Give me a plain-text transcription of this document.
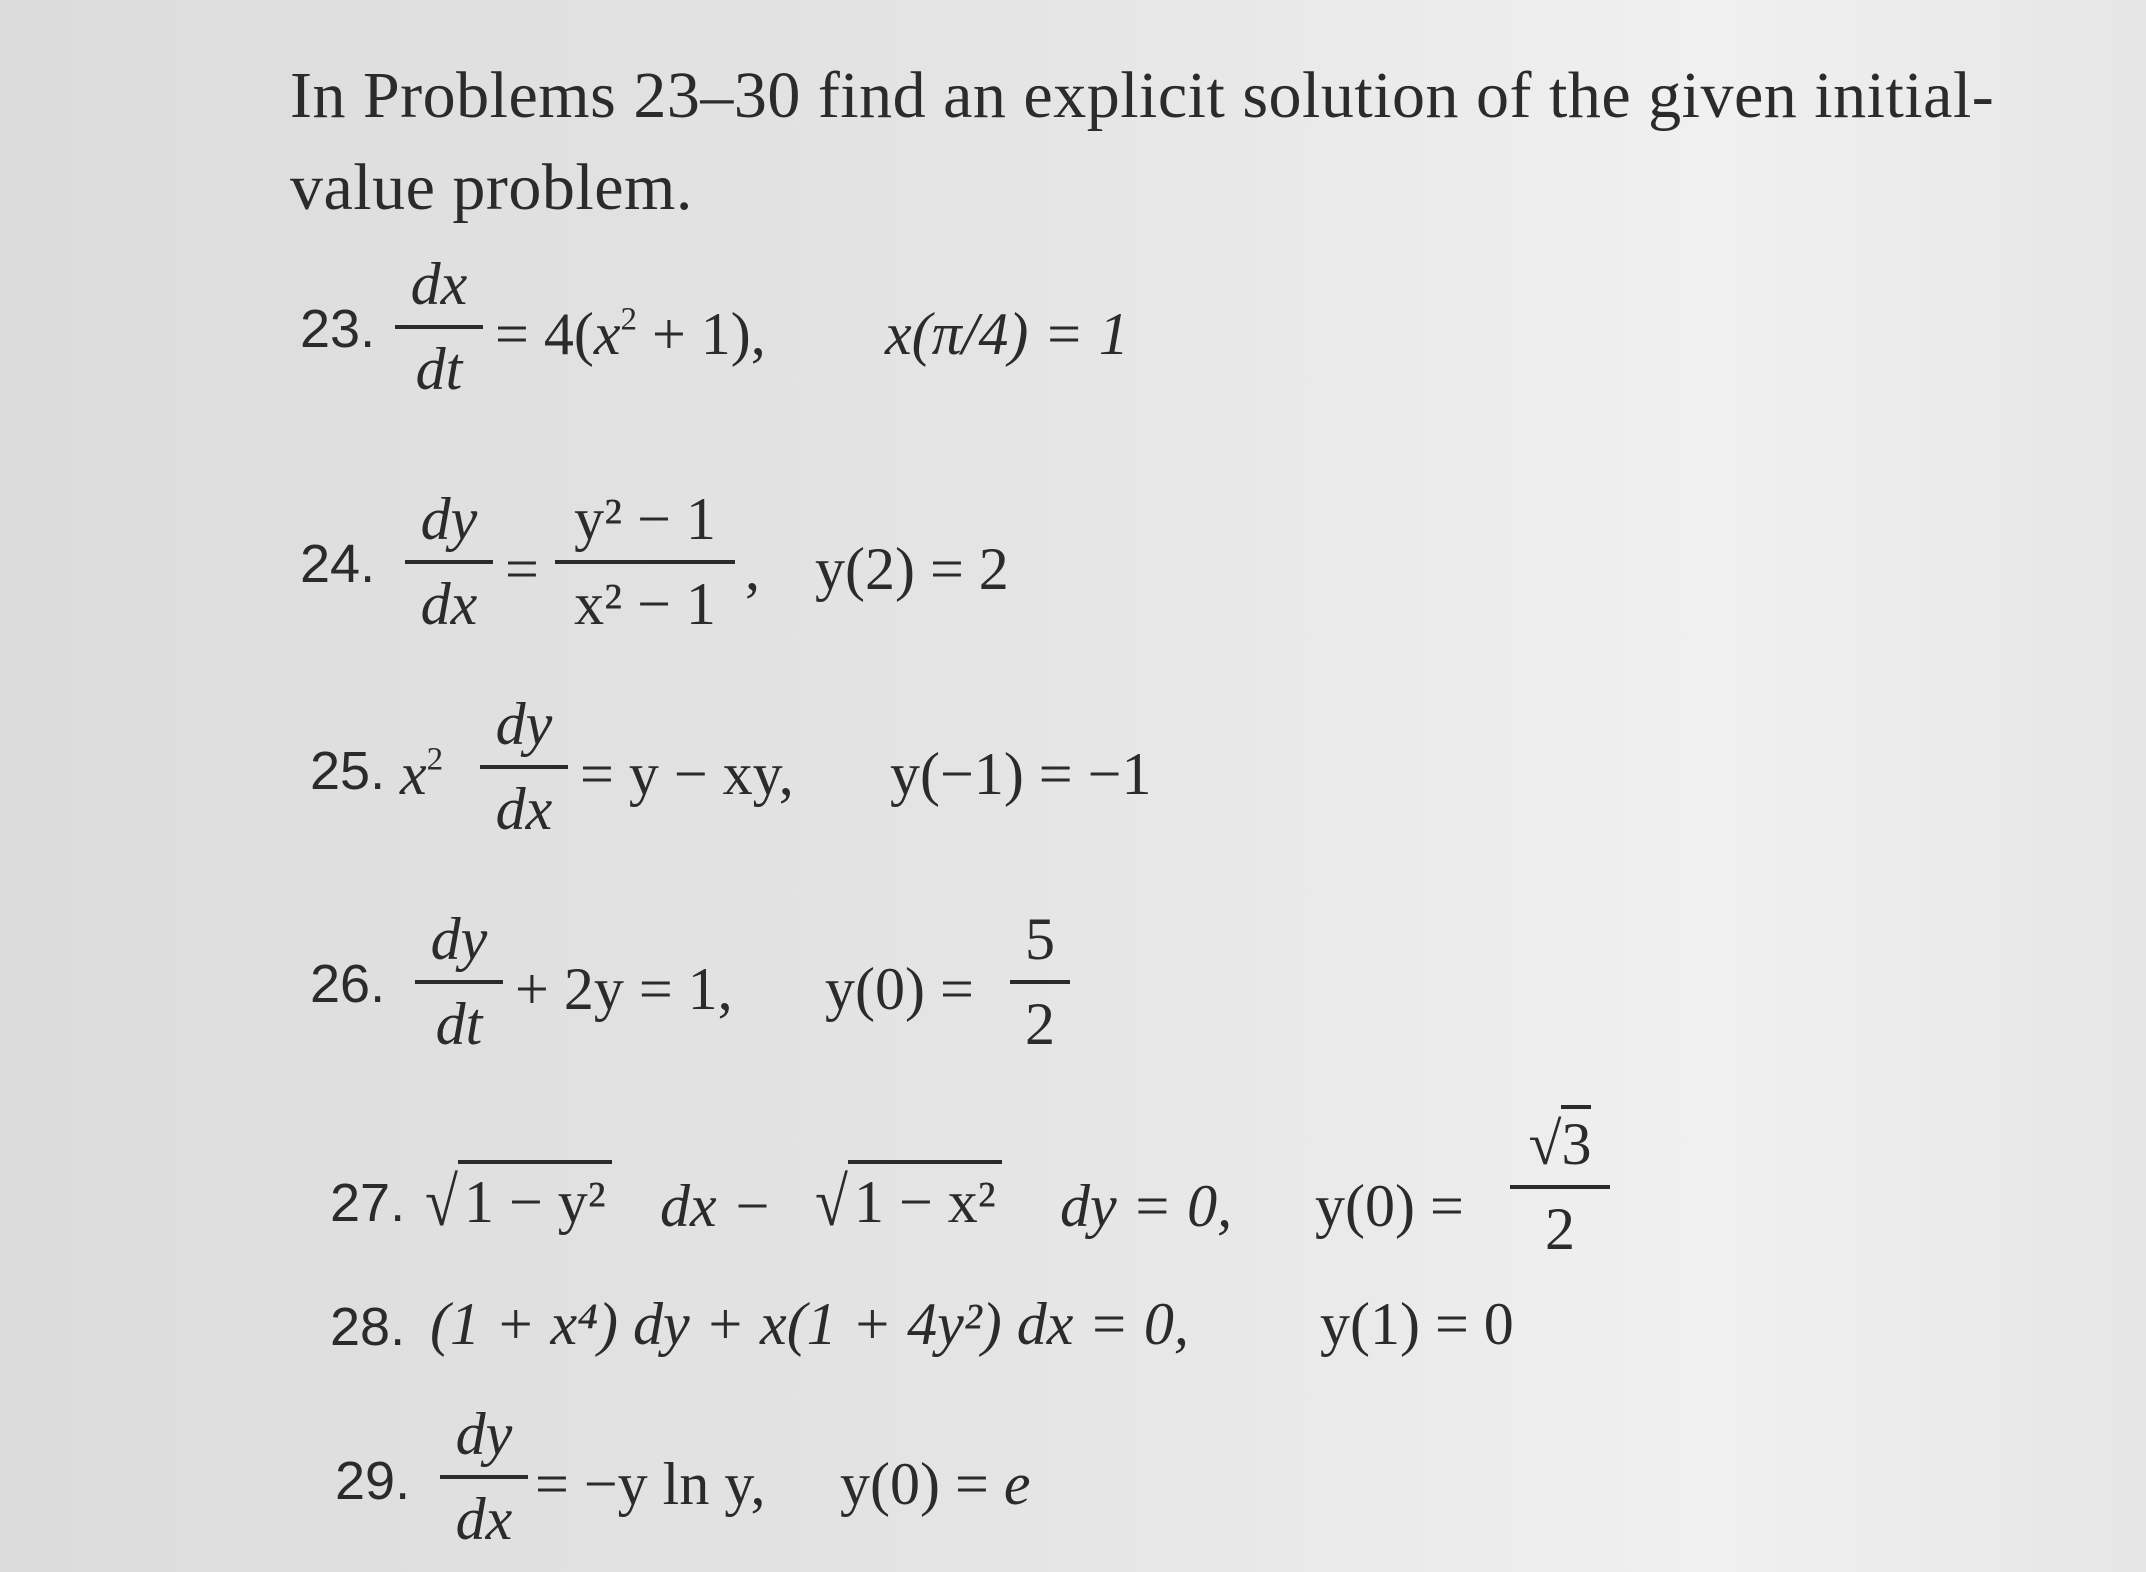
In Problems 23–30 find an explicit solution of the given initial-value problem.
23.
dx
dt
= $4(x^2 + 1)$, x(π/4) = 1
24.
dy
dx
=
y² − 1
x² − 1
, y(2) = 2
25. $x^2$
dy
dx
= y − xy, y(−1) = −1
26.
dy
dt
+ 2y = 1, y(0) =
5
2
27. √ 1 − y² dx − √ 1 − x² dy = 0, y(0) =
√3
2
28. (1 + x⁴) dy + x(1 + 4y²) dx = 0, y(1) = 0
29.
dy
dx
= −y ln y, y(0) = e
